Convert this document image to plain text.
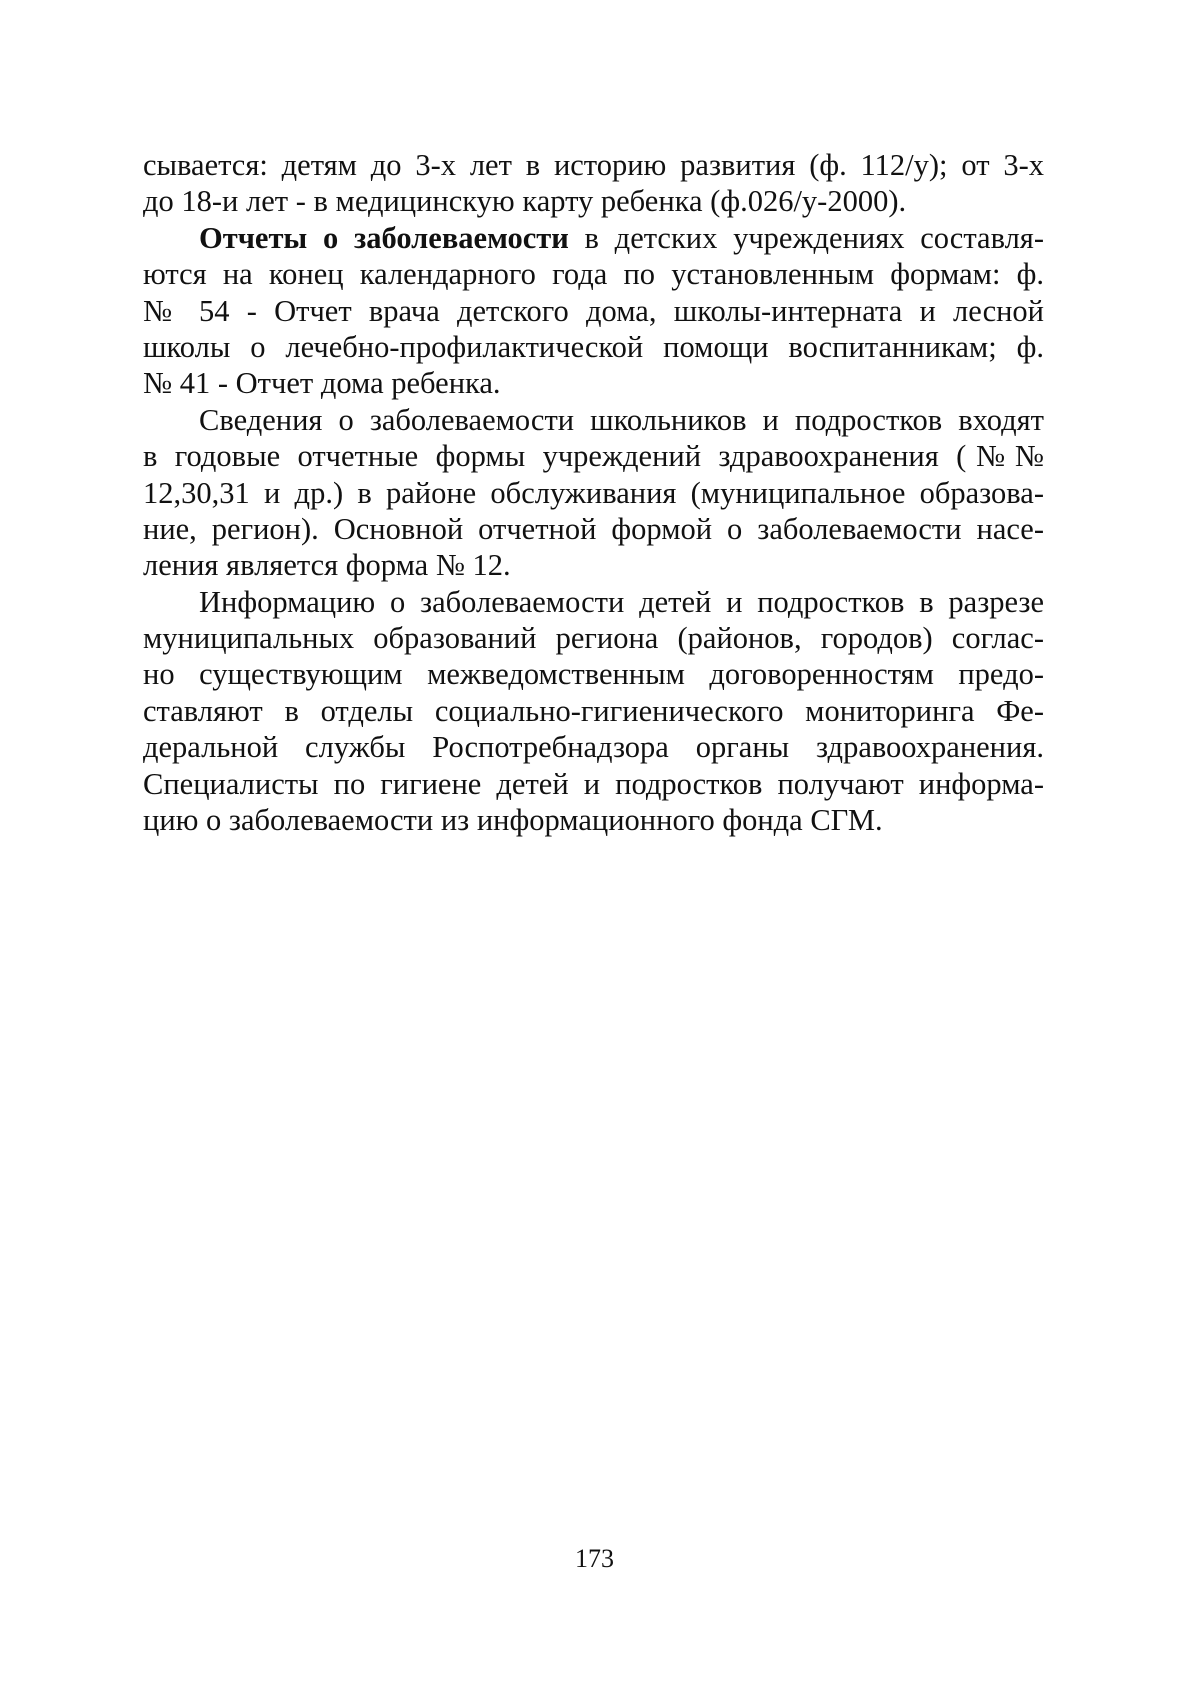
сывается: детям до 3-х лет в историю развития (ф. 112/у); от 3-х
до 18-и лет - в медицинскую карту ребенка (ф.026/у-2000).
Отчеты о заболеваемости в детских учреждениях составля-
ются на конец календарного года по установленным формам: ф.
№ 54 - Отчет врача детского дома, школы-интерната и лесной
школы о лечебно-профилактической помощи воспитанникам; ф.
№ 41 - Отчет дома ребенка.
Сведения о заболеваемости школьников и подростков входят
в годовые отчетные формы учреждений здравоохранения (№№
12,30,31 и др.) в районе обслуживания (муниципальное образова-
ние, регион). Основной отчетной формой о заболеваемости насе-
ления является форма № 12.
Информацию о заболеваемости детей и подростков в разрезе
муниципальных образований региона (районов, городов) соглас-
но существующим межведомственным договоренностям предо-
ставляют в отделы социально-гигиенического мониторинга Фе-
деральной службы Роспотребнадзора органы здравоохранения.
Специалисты по гигиене детей и подростков получают информа-
цию о заболеваемости из информационного фонда СГМ.
173
